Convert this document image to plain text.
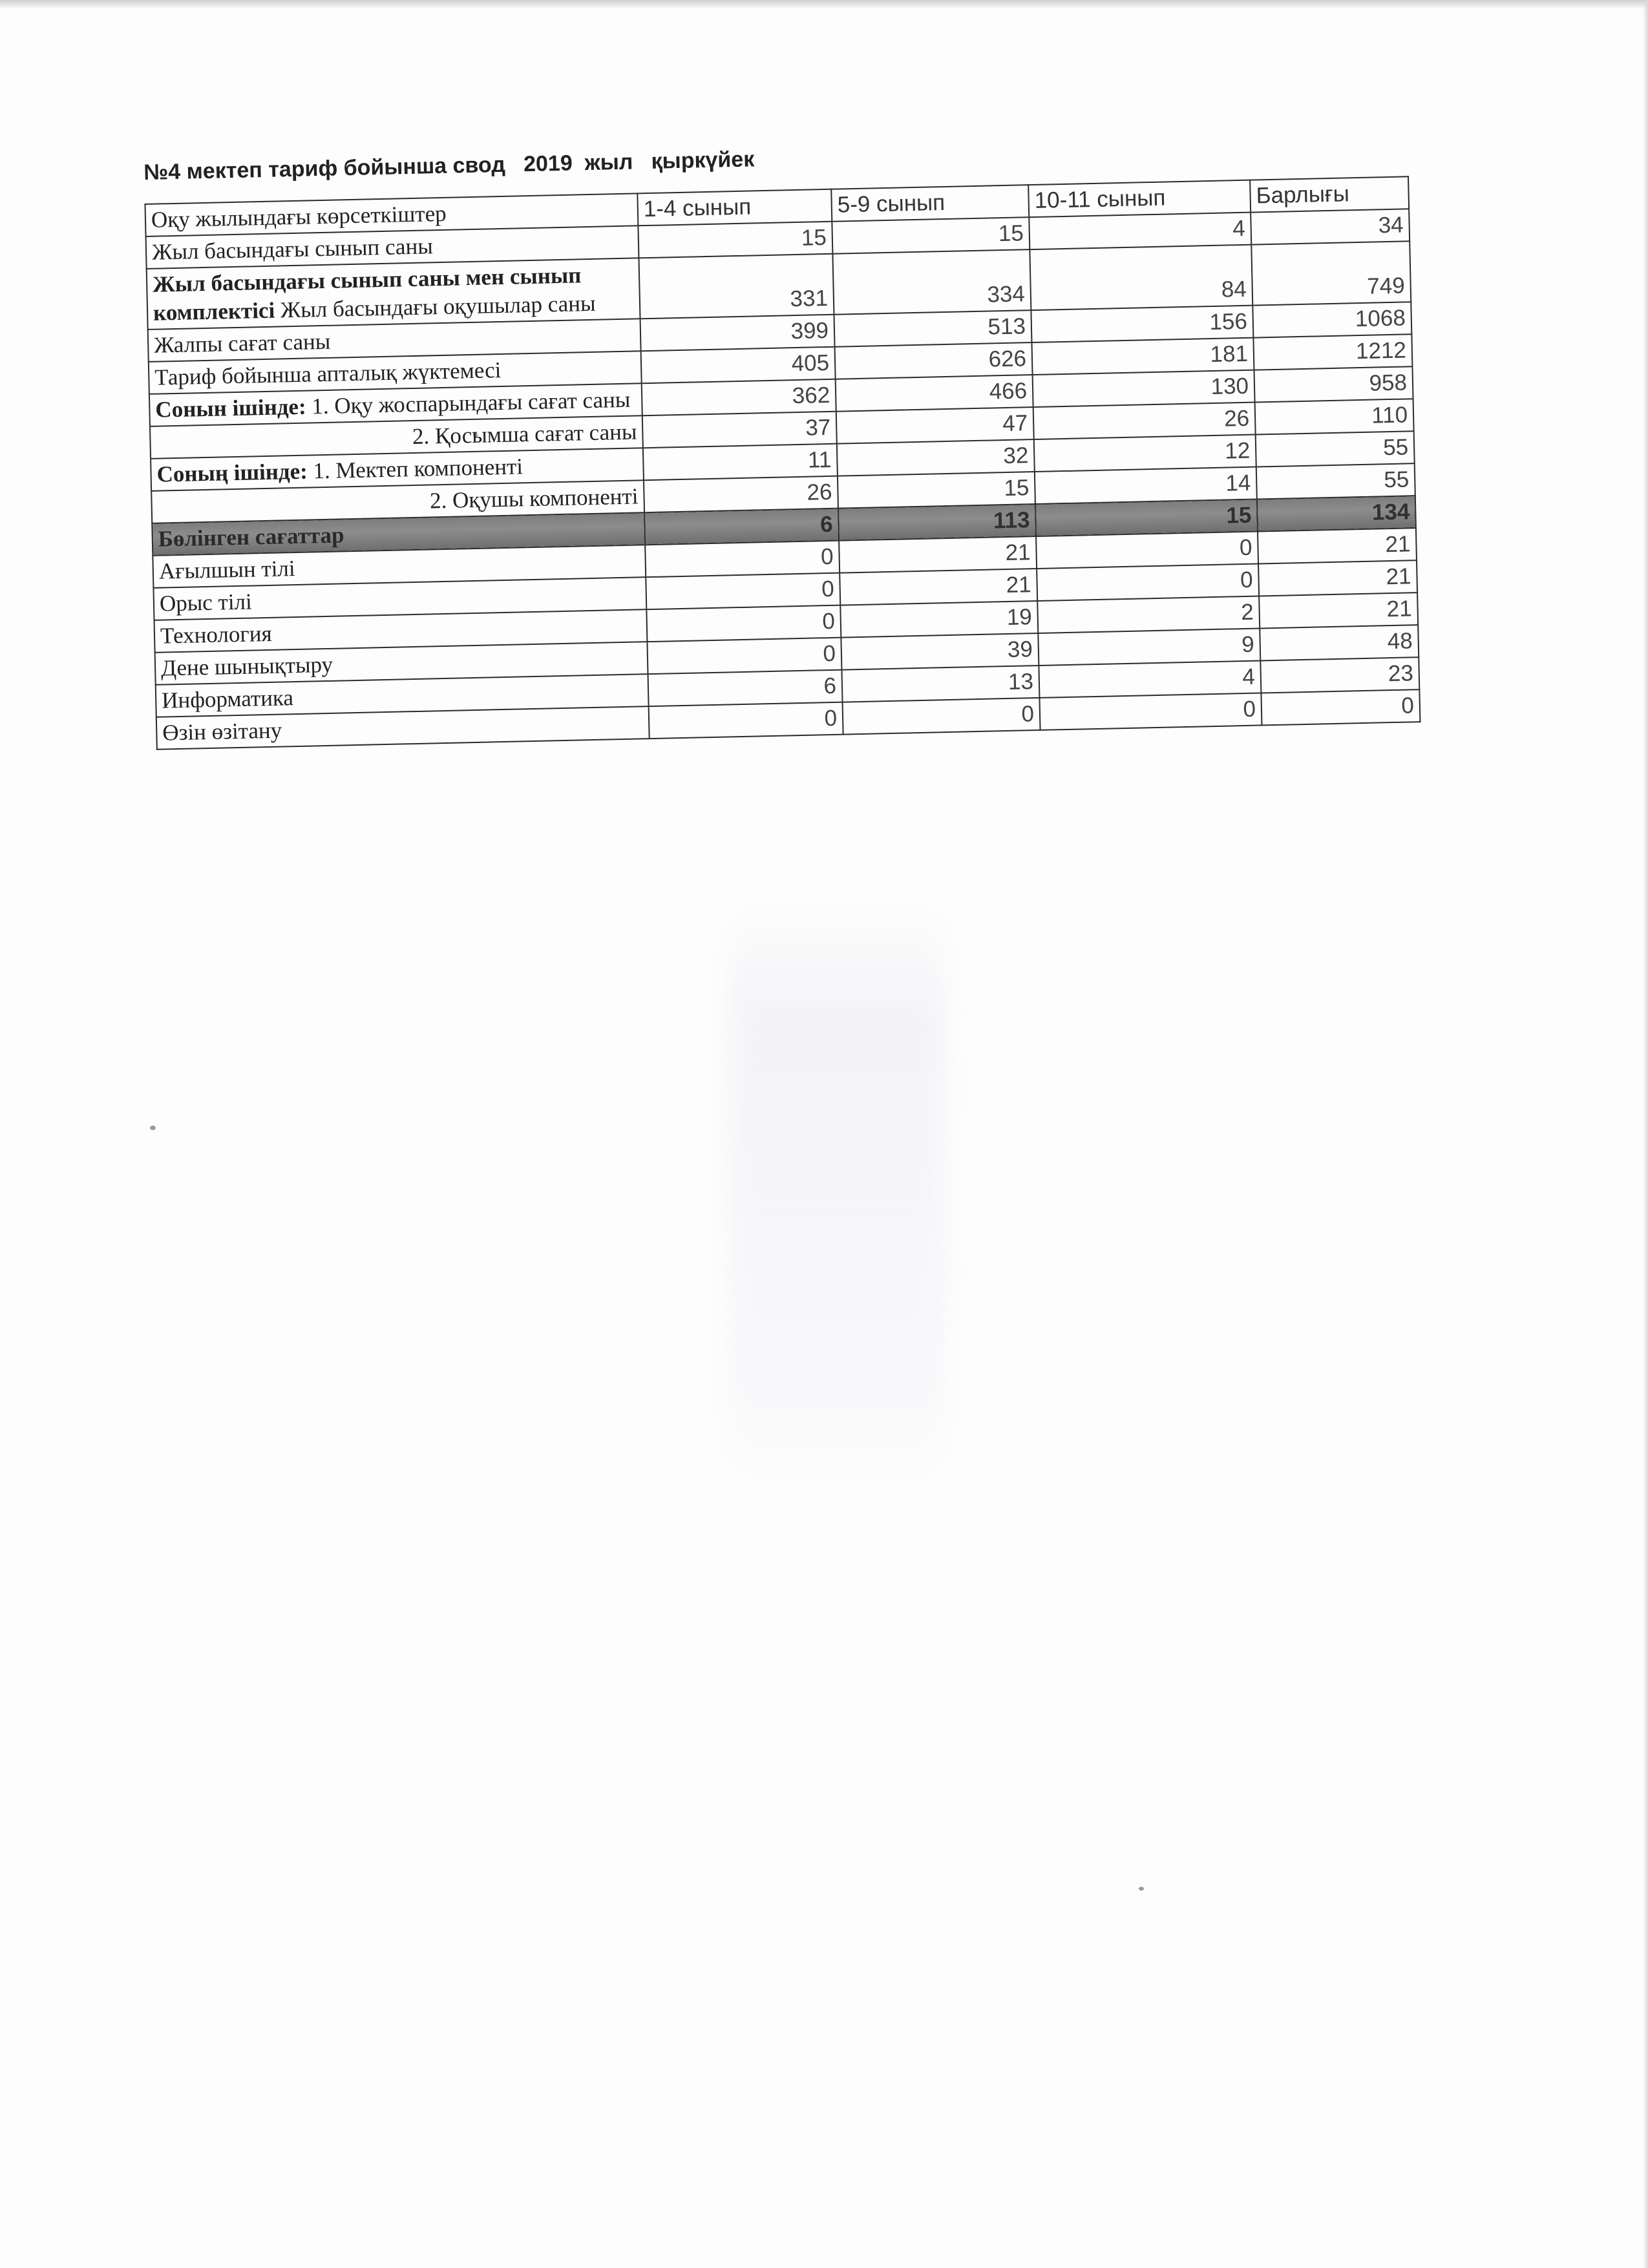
№4 мектеп тариф бойынша свод   2019  жыл   қыркүйек
Оқу жылындағы көрсеткіштер	1-4 сынып	5-9 сынып	10-11 сынып	Барлығы
Жыл басындағы сынып саны	15	15	4	34
Жыл басындағы сынып саны мен сынып комплектісі Жыл басындағы оқушылар саны	331	334	84	749
Жалпы сағат саны	399	513	156	1068
Тариф бойынша апталық жүктемесі	405	626	181	1212
Сонын ішінде: 1. Оқу жоспарындағы сағат саны	362	466	130	958
2. Қосымша сағат саны	37	47	26	110
Соның ішінде: 1. Мектеп компоненті	11	32	12	55
2. Оқушы компоненті	26	15	14	55
Бөлінген сағаттар	6	113	15	134
Ағылшын тілі	0	21	0	21
Орыс тілі	0	21	0	21
Технология	0	19	2	21
Дене шынықтыру	0	39	9	48
Информатика	6	13	4	23
Өзін өзітану	0	0	0	0
